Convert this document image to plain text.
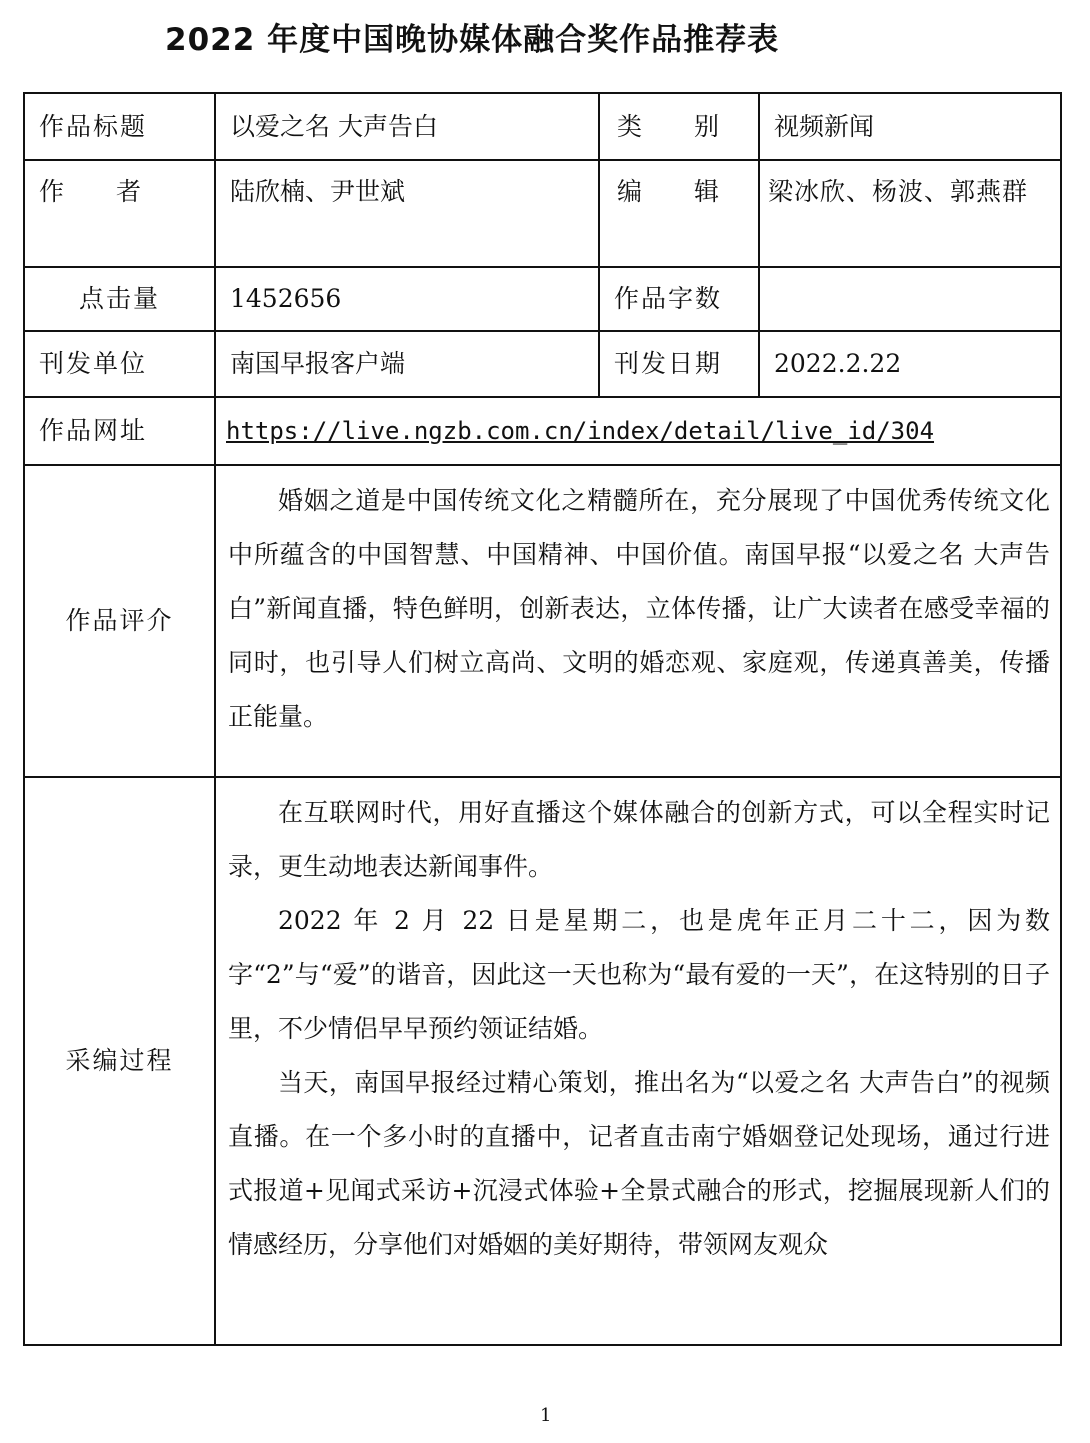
2022 年度中国晚协媒体融合奖作品推荐表
作品标题	以爱之名 大声告白	类 别	视频新闻
作 者	陆欣楠、尹世斌	编 辑	梁冰欣、杨波、郭燕群
点击量	1452656	作品字数	
刊发单位	南国早报客户端	刊发日期	2022.2.22
作品网址	https://live.ngzb.com.cn/index/detail/live_id/304		
作品评介	婚姻之道是中国传统文化之精髓所在，充分展现了中国优秀传统文化中所蕴含的中国智慧、中国精神、中国价值。南国早报“以爱之名 大声告白”新闻直播，特色鲜明，创新表达，立体传播，让广大读者在感受幸福的同时，也引导人们树立高尚、文明的婚恋观、家庭观，传递真善美，传播正能量。		

采编过程	在互联网时代，用好直播这个媒体融合的创新方式，可以全程实时记录，更生动地表达新闻事件。

2022 年 2 月 22 日是星期二，也是虎年正月二十二，因为数字“2”与“爱”的谐音，因此这一天也称为“最有爱的一天”，在这特别的日子里，不少情侣早早预约领证结婚。

当天，南国早报经过精心策划，推出名为“以爱之名 大声告白”的视频直播。在一个多小时的直播中，记者直击南宁婚姻登记处现场，通过行进式报道+见闻式采访+沉浸式体验+全景式融合的形式，挖掘展现新人们的情感经历，分享他们对婚姻的美好期待，带领网友观众		

1
